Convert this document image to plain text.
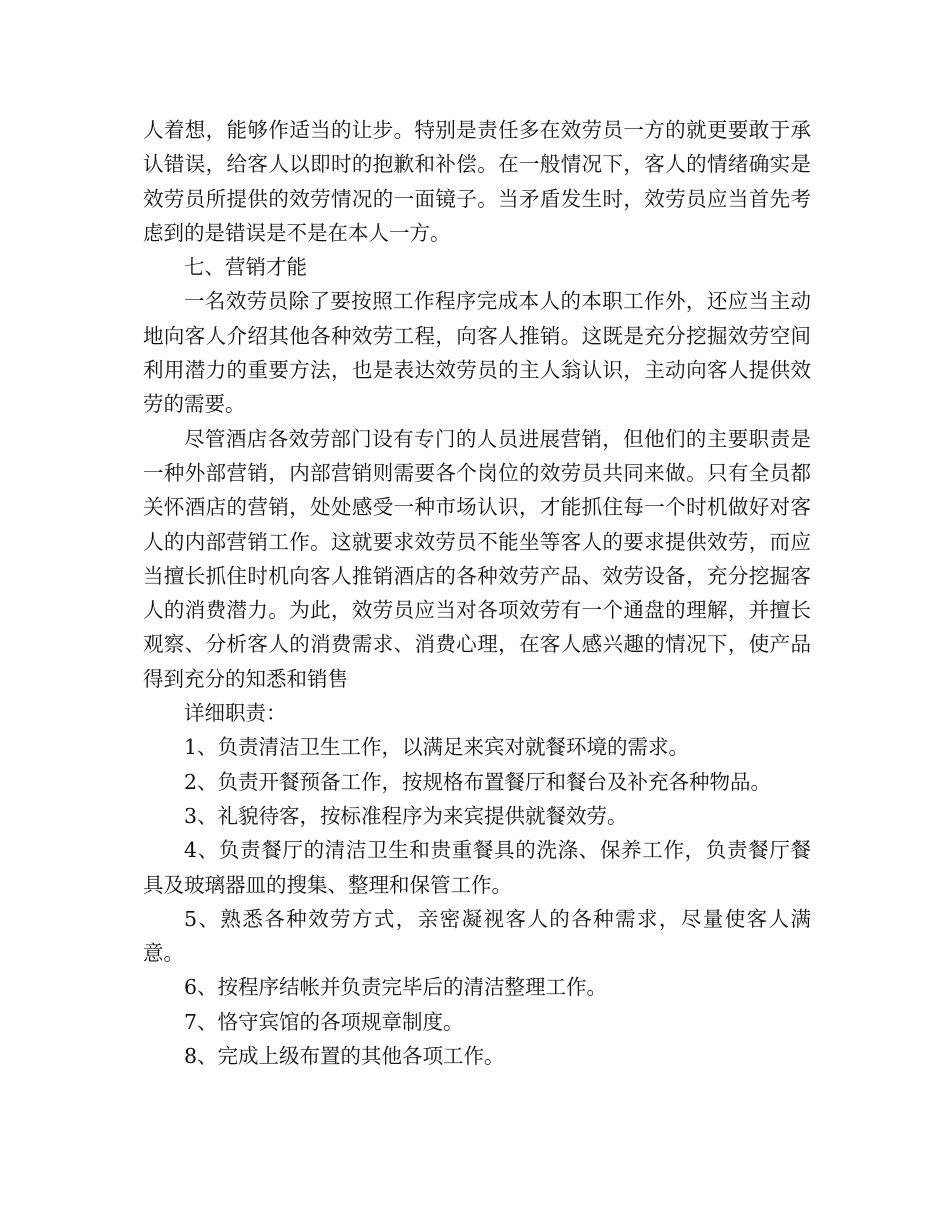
人着想，能够作适当的让步。特别是责任多在效劳员一方的就更要敢于承认错误，给客人以即时的抱歉和补偿。在一般情况下，客人的情绪确实是效劳员所提供的效劳情况的一面镜子。当矛盾发生时，效劳员应当首先考虑到的是错误是不是在本人一方。

七、营销才能

一名效劳员除了要按照工作程序完成本人的本职工作外，还应当主动地向客人介绍其他各种效劳工程，向客人推销。这既是充分挖掘效劳空间利用潜力的重要方法，也是表达效劳员的主人翁认识，主动向客人提供效劳的需要。

尽管酒店各效劳部门设有专门的人员进展营销，但他们的主要职责是一种外部营销，内部营销则需要各个岗位的效劳员共同来做。只有全员都关怀酒店的营销，处处感受一种市场认识，才能抓住每一个时机做好对客人的内部营销工作。这就要求效劳员不能坐等客人的要求提供效劳，而应当擅长抓住时机向客人推销酒店的各种效劳产品、效劳设备，充分挖掘客人的消费潜力。为此，效劳员应当对各项效劳有一个通盘的理解，并擅长观察、分析客人的消费需求、消费心理，在客人感兴趣的情况下，使产品得到充分的知悉和销售

详细职责：

1、负责清洁卫生工作，以满足来宾对就餐环境的需求。

2、负责开餐预备工作，按规格布置餐厅和餐台及补充各种物品。

3、礼貌待客，按标准程序为来宾提供就餐效劳。

4、负责餐厅的清洁卫生和贵重餐具的洗涤、保养工作，负责餐厅餐具及玻璃器皿的搜集、整理和保管工作。

5、熟悉各种效劳方式，亲密凝视客人的各种需求，尽量使客人满意。

6、按程序结帐并负责完毕后的清洁整理工作。

7、恪守宾馆的各项规章制度。

8、完成上级布置的其他各项工作。
